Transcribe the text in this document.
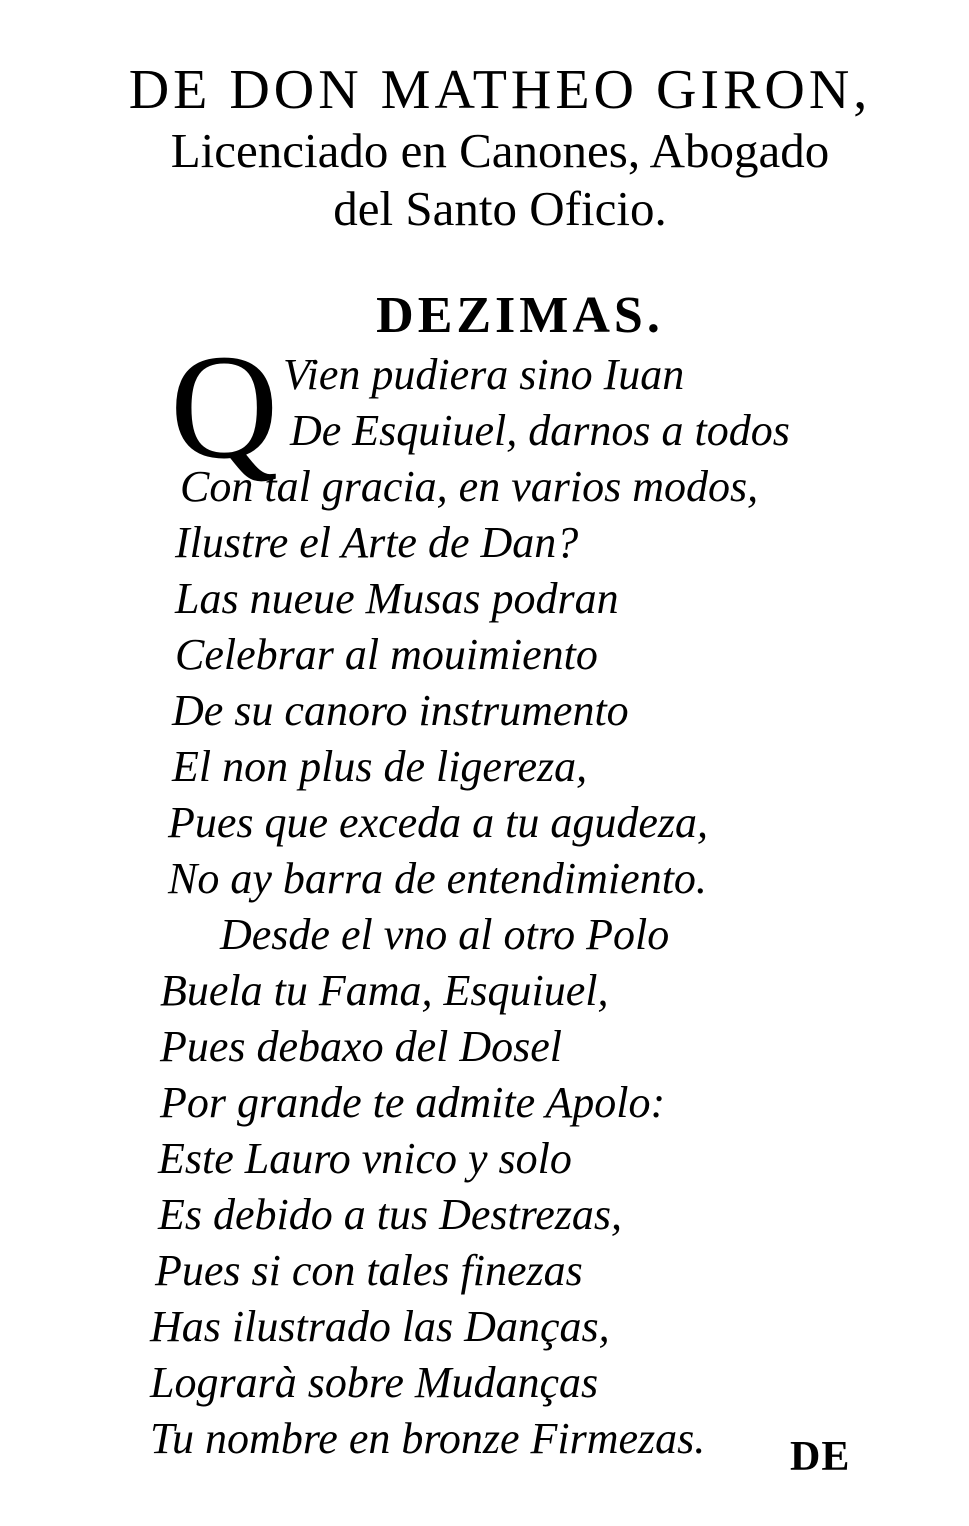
DE DON MATHEO GIRON,
Licenciado en Canones, Abogado
del Santo Oficio.
DEZIMAS.
Q Vien pudiera sino Iuan
De Esquiuel, darnos a todos
Con tal gracia, en varios modos,
Ilustre el Arte de Dan?
Las nueue Musas podran
Celebrar al mouimiento
De su canoro instrumento
El non plus de ligereza,
Pues que exceda a tu agudeza,
No ay barra de entendimiento.
Desde el vno al otro Polo
Buela tu Fama, Esquiuel,
Pues debaxo del Dosel
Por grande te admite Apolo:
Este Lauro vnico y solo
Es debido a tus Destrezas,
Pues si con tales finezas
Has ilustrado las Danças,
Lograrà sobre Mudanças
Tu nombre en bronze Firmezas. DE
